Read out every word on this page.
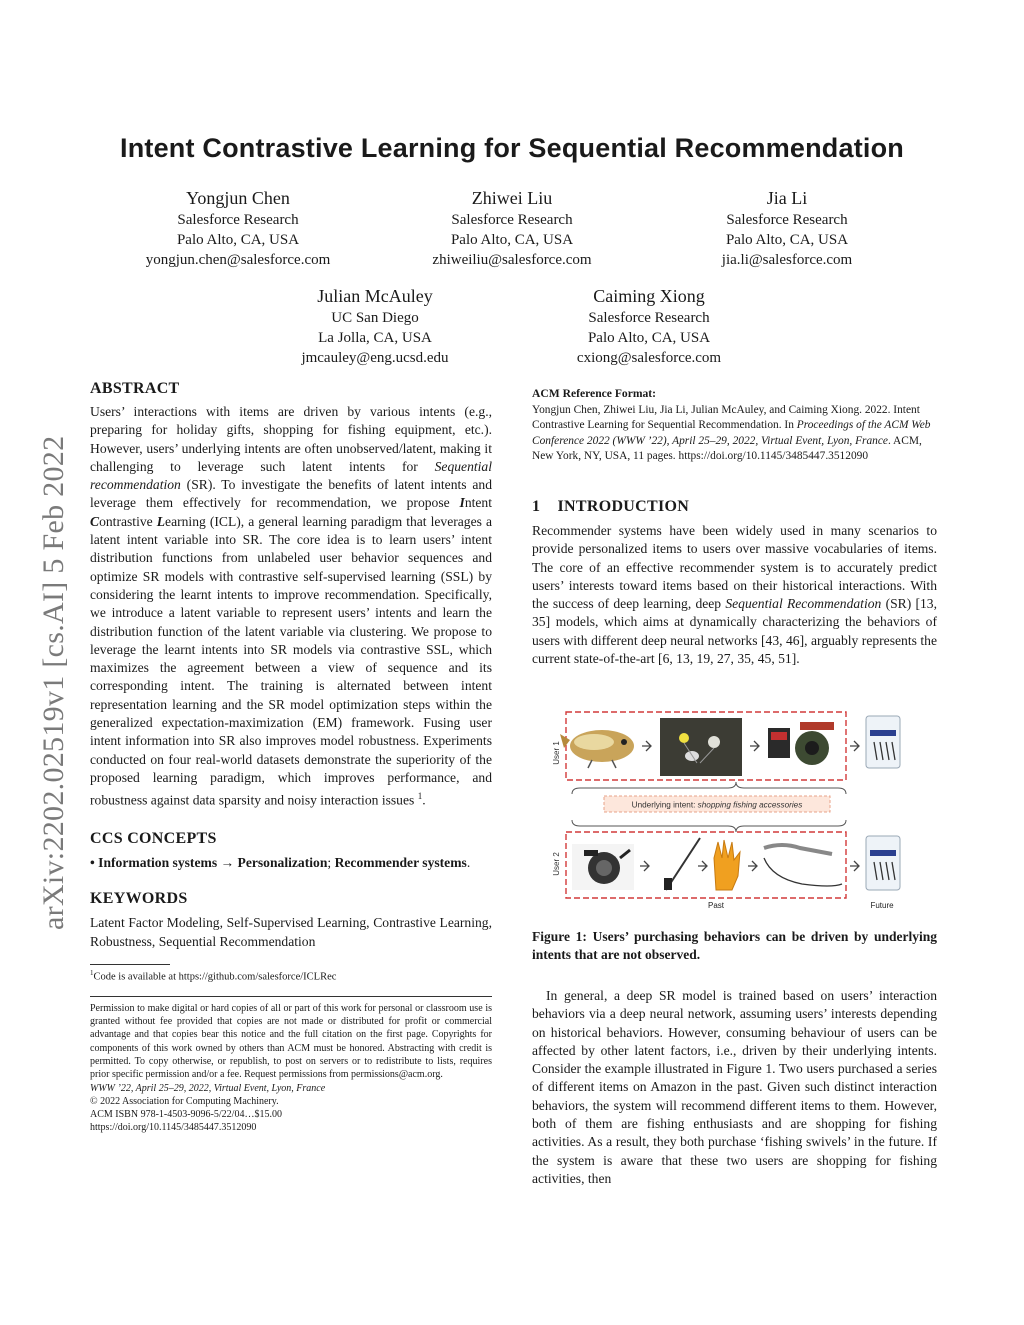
Intent Contrastive Learning for Sequential Recommendation
Yongjun Chen
Salesforce Research
Palo Alto, CA, USA
yongjun.chen@salesforce.com
Zhiwei Liu
Salesforce Research
Palo Alto, CA, USA
zhiweiliu@salesforce.com
Jia Li
Salesforce Research
Palo Alto, CA, USA
jia.li@salesforce.com
Julian McAuley
UC San Diego
La Jolla, CA, USA
jmcauley@eng.ucsd.edu
Caiming Xiong
Salesforce Research
Palo Alto, CA, USA
cxiong@salesforce.com
arXiv:2202.02519v1 [cs.AI] 5 Feb 2022
ABSTRACT
Users’ interactions with items are driven by various intents (e.g., preparing for holiday gifts, shopping for fishing equipment, etc.). However, users’ underlying intents are often unobserved/latent, making it challenging to leverage such latent intents for Sequential recommendation (SR). To investigate the benefits of latent intents and leverage them effectively for recommendation, we propose Intent Contrastive Learning (ICL), a general learning paradigm that leverages a latent intent variable into SR. The core idea is to learn users’ intent distribution functions from unlabeled user behavior sequences and optimize SR models with contrastive self-supervised learning (SSL) by considering the learnt intents to improve recommendation. Specifically, we introduce a latent variable to represent users’ intents and learn the distribution function of the latent variable via clustering. We propose to leverage the learnt intents into SR models via contrastive SSL, which maximizes the agreement between a view of sequence and its corresponding intent. The training is alternated between intent representation learning and the SR model optimization steps within the generalized expectation-maximization (EM) framework. Fusing user intent information into SR also improves model robustness. Experiments conducted on four real-world datasets demonstrate the superiority of the proposed learning paradigm, which improves performance, and robustness against data sparsity and noisy interaction issues $^1$.
CCS CONCEPTS
• Information systems → Personalization; Recommender systems.
KEYWORDS
Latent Factor Modeling, Self-Supervised Learning, Contrastive Learning, Robustness, Sequential Recommendation
$^1$Code is available at https://github.com/salesforce/ICLRec
Permission to make digital or hard copies of all or part of this work for personal or classroom use is granted without fee provided that copies are not made or distributed for profit or commercial advantage and that copies bear this notice and the full citation on the first page. Copyrights for components of this work owned by others than ACM must be honored. Abstracting with credit is permitted. To copy otherwise, or republish, to post on servers or to redistribute to lists, requires prior specific permission and/or a fee. Request permissions from permissions@acm.org.
WWW ’22, April 25–29, 2022, Virtual Event, Lyon, France
© 2022 Association for Computing Machinery.
ACM ISBN 978-1-4503-9096-5/22/04…$15.00
https://doi.org/10.1145/3485447.3512090
ACM Reference Format:
Yongjun Chen, Zhiwei Liu, Jia Li, Julian McAuley, and Caiming Xiong. 2022. Intent Contrastive Learning for Sequential Recommendation. In Proceedings of the ACM Web Conference 2022 (WWW ’22), April 25–29, 2022, Virtual Event, Lyon, France. ACM, New York, NY, USA, 11 pages. https://doi.org/10.1145/3485447.3512090
1    INTRODUCTION
Recommender systems have been widely used in many scenarios to provide personalized items to users over massive vocabularies of items. The core of an effective recommender system is to accurately predict users’ interests toward items based on their historical interactions. With the success of deep learning, deep Sequential Recommendation (SR) [13, 35] models, which aims at dynamically characterizing the behaviors of users with different deep neural networks [43, 46], arguably represents the current state-of-the-art [6, 13, 19, 27, 35, 45, 51].
User 1
Underlying intent: shopping fishing accessories
User 2
Past	Future
Figure 1: Users’ purchasing behaviors can be driven by underlying intents that are not observed.
In general, a deep SR model is trained based on users’ interaction behaviors via a deep neural network, assuming users’ interests depending on historical behaviors. However, consuming behaviour of users can be affected by other latent factors, i.e., driven by their underlying intents. Consider the example illustrated in Figure 1. Two users purchased a series of different items on Amazon in the past. Given such distinct interaction behaviors, the system will recommend different items to them. However, both of them are fishing enthusiasts and are shopping for fishing activities. As a result, they both purchase ‘fishing swivels’ in the future. If the system is aware that these two users are shopping for fishing activities, then
